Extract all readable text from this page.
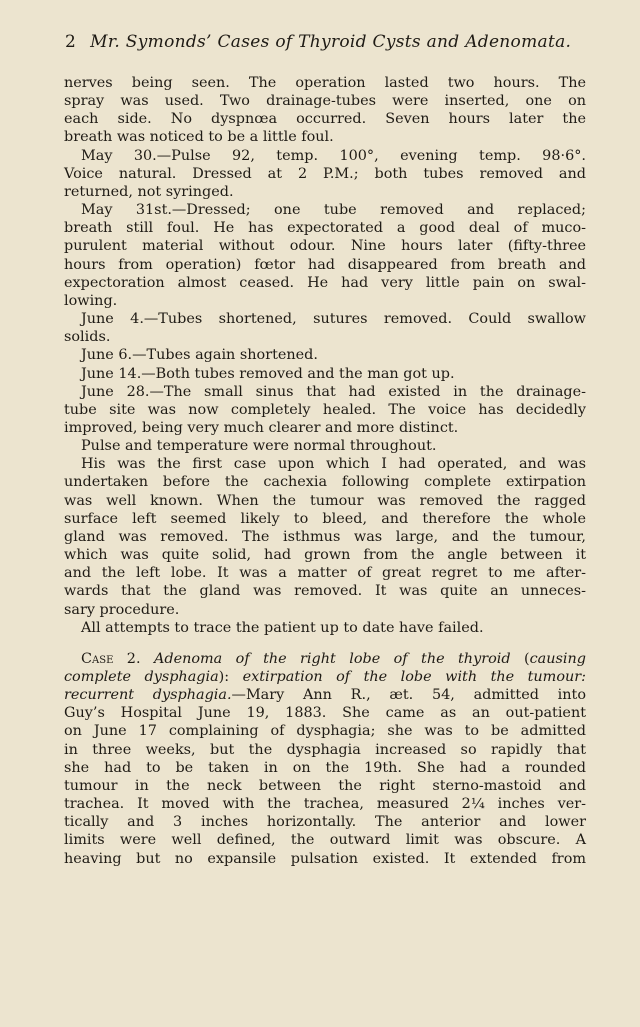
2 Mr. Symonds’ Cases of Thyroid Cysts and Adenomata.
nerves being seen. The operation lasted two hours. The
spray was used. Two drainage-tubes were inserted, one on
each side. No dyspnœa occurred. Seven hours later the
breath was noticed to be a little foul.
May 30.—Pulse 92, temp. 100°, evening temp. 98·6°.
Voice natural. Dressed at 2 P.M.; both tubes removed and
returned, not syringed.
May 31st.—Dressed; one tube removed and replaced;
breath still foul. He has expectorated a good deal of muco-
purulent material without odour. Nine hours later (fifty-three
hours from operation) fœtor had disappeared from breath and
expectoration almost ceased. He had very little pain on swal-
lowing.
June 4.—Tubes shortened, sutures removed. Could swallow
solids.
June 6.—Tubes again shortened.
June 14.—Both tubes removed and the man got up.
June 28.—The small sinus that had existed in the drainage-
tube site was now completely healed. The voice has decidedly
improved, being very much clearer and more distinct.
Pulse and temperature were normal throughout.
His was the first case upon which I had operated, and was
undertaken before the cachexia following complete extirpation
was well known. When the tumour was removed the ragged
surface left seemed likely to bleed, and therefore the whole
gland was removed. The isthmus was large, and the tumour,
which was quite solid, had grown from the angle between it
and the left lobe. It was a matter of great regret to me after-
wards that the gland was removed. It was quite an unneces-
sary procedure.
All attempts to trace the patient up to date have failed.
Case 2. Adenoma of the right lobe of the thyroid (causing
complete dysphagia): extirpation of the lobe with the tumour:
recurrent dysphagia.—Mary Ann R., æt. 54, admitted into
Guy’s Hospital June 19, 1883. She came as an out-patient
on June 17 complaining of dysphagia; she was to be admitted
in three weeks, but the dysphagia increased so rapidly that
she had to be taken in on the 19th. She had a rounded
tumour in the neck between the right sterno-mastoid and
trachea. It moved with the trachea, measured 2¼ inches ver-
tically and 3 inches horizontally. The anterior and lower
limits were well defined, the outward limit was obscure. A
heaving but no expansile pulsation existed. It extended from
